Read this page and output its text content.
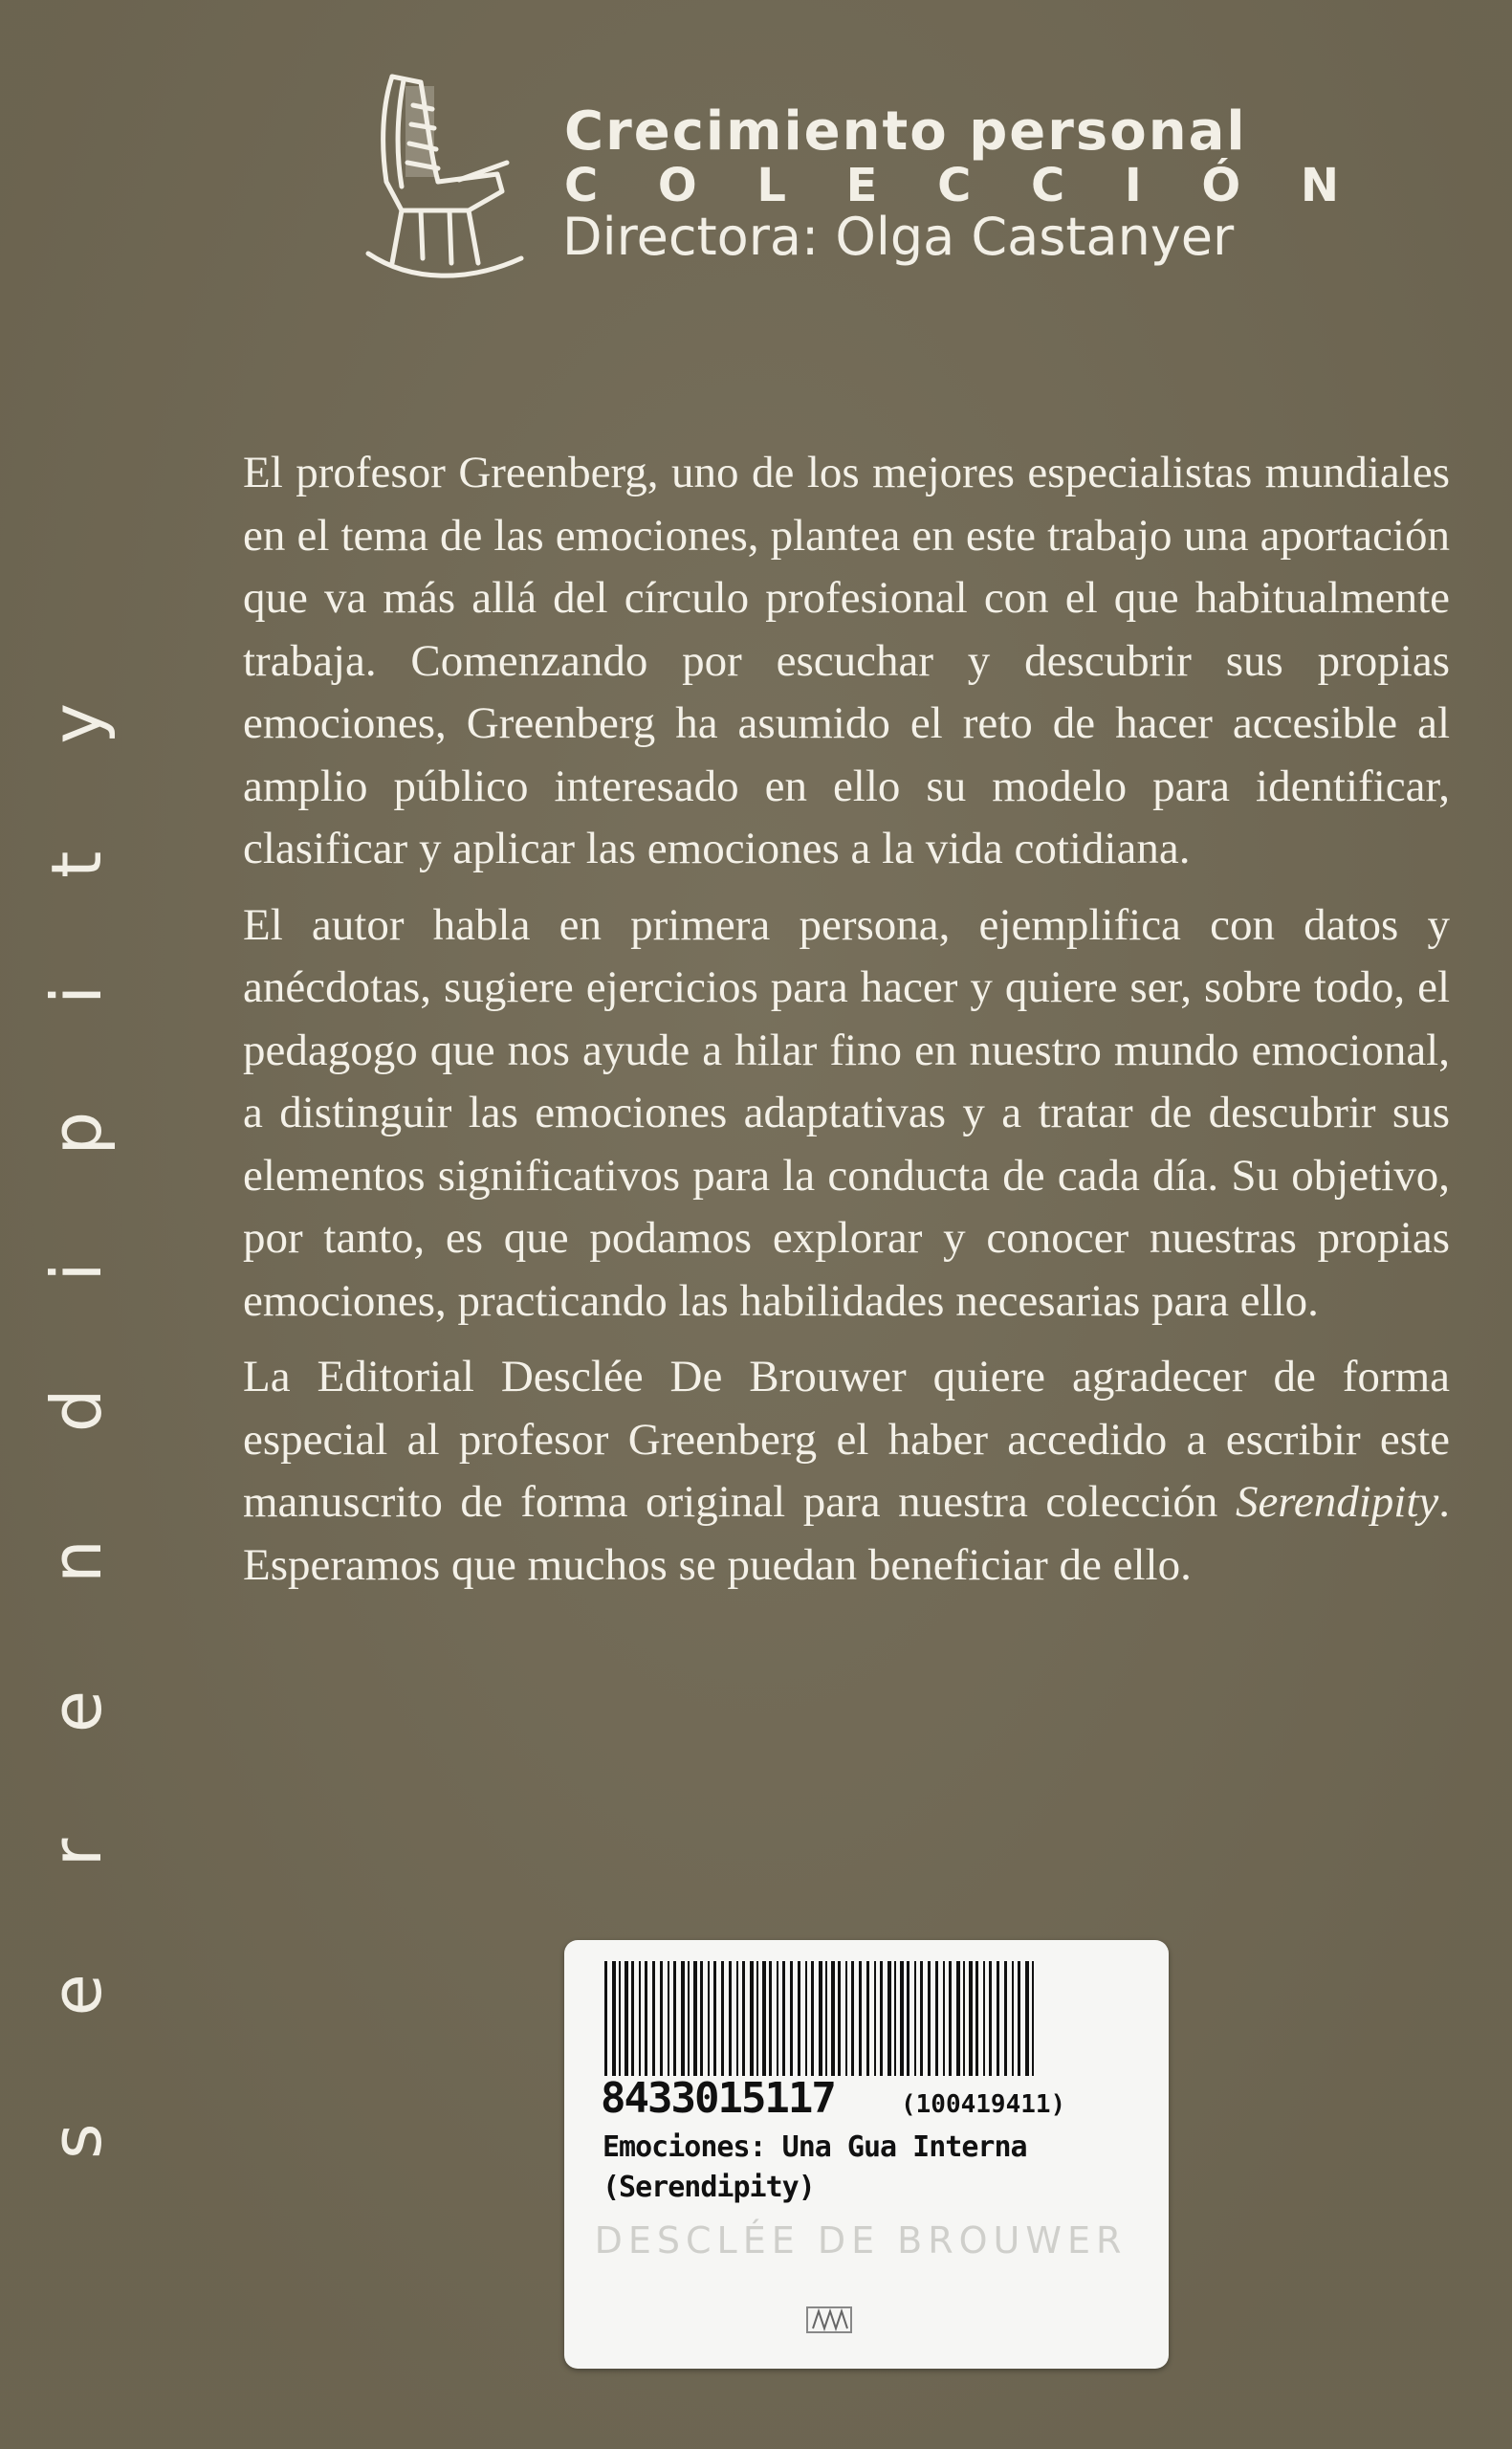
Crecimiento personal
C O L E C C I Ó N
Directora: Olga Castanyer
serendipity

El profesor Greenberg, uno de los mejores especialistas mundiales en el tema de las emociones, plantea en este trabajo una aportación que va más allá del círculo profesional con el que habitualmente trabaja. Comenzando por escuchar y descubrir sus propias emociones, Greenberg ha asumido el reto de hacer accesible al amplio público interesado en ello su modelo para identificar, clasificar y aplicar las emociones a la vida cotidiana.

El autor habla en primera persona, ejemplifica con datos y anécdotas, sugiere ejercicios para hacer y quiere ser, sobre todo, el pedagogo que nos ayude a hilar fino en nuestro mundo emocional, a distinguir las emociones adaptativas y a tratar de descubrir sus elementos significativos para la conducta de cada día. Su objetivo, por tanto, es que podamos explorar y conocer nuestras propias emociones, practicando las habilidades necesarias para ello.

La Editorial Desclée De Brouwer quiere agradecer de forma especial al profesor Greenberg el haber accedido a escribir este manuscrito de forma original para nuestra colección Serendipity. Esperamos que muchos se puedan beneficiar de ello.

8433015117	(100419411)
Emociones: Una Gua Interna
(Serendipity)
DESCLÉE DE BROUWER
